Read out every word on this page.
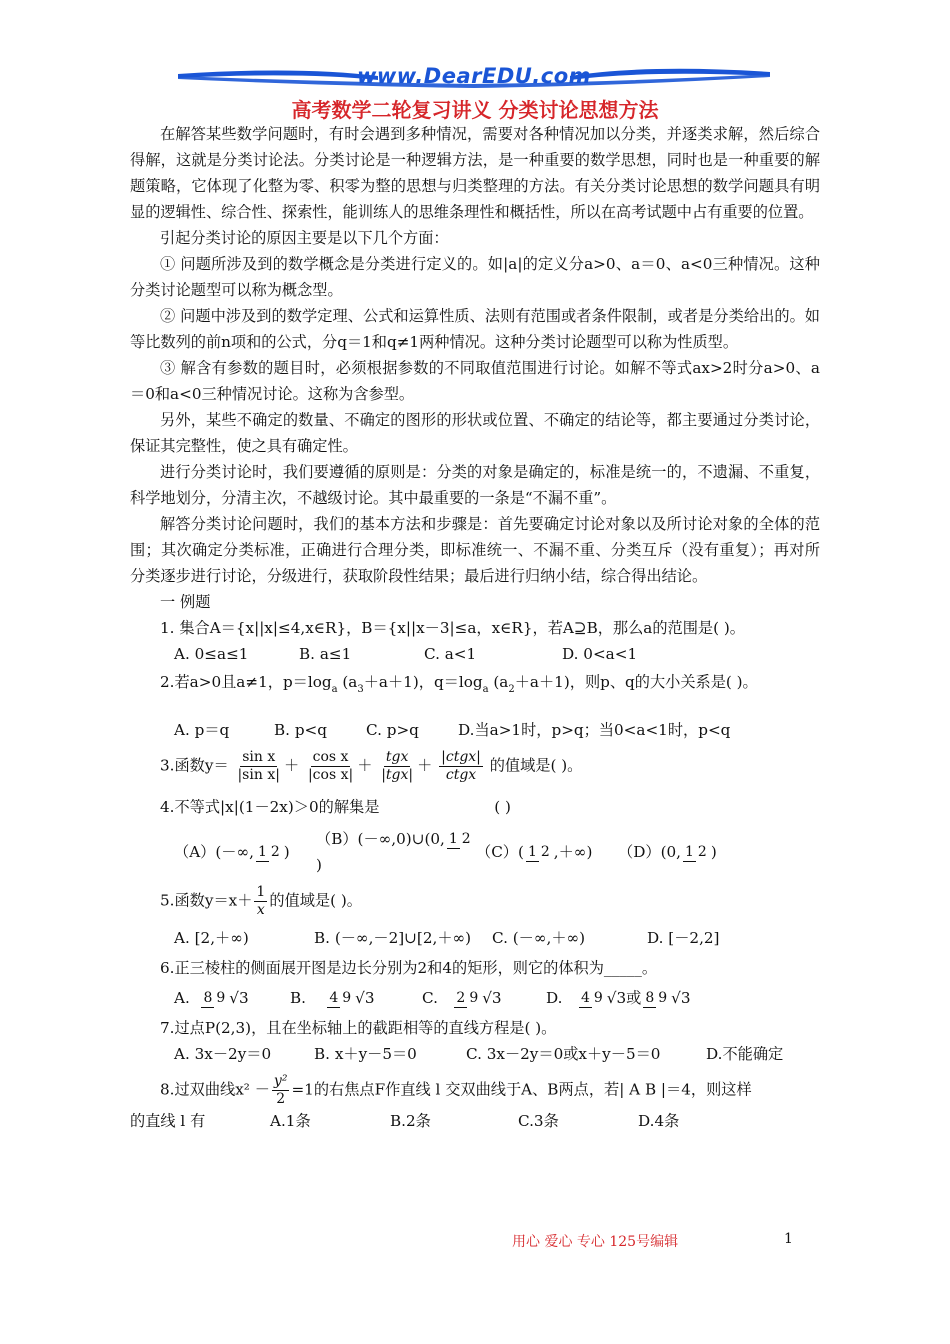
www.DearEDU.com
高考数学二轮复习讲义 分类讨论思想方法

在解答某些数学问题时，有时会遇到多种情况，需要对各种情况加以分类，并逐类求解，然后综合得解，这就是分类讨论法。分类讨论是一种逻辑方法，是一种重要的数学思想，同时也是一种重要的解题策略，它体现了化整为零、积零为整的思想与归类整理的方法。有关分类讨论思想的数学问题具有明显的逻辑性、综合性、探索性，能训练人的思维条理性和概括性，所以在高考试题中占有重要的位置。

引起分类讨论的原因主要是以下几个方面：

① 问题所涉及到的数学概念是分类进行定义的。如|a|的定义分a>0、a＝0、a<0三种情况。这种分类讨论题型可以称为概念型。

② 问题中涉及到的数学定理、公式和运算性质、法则有范围或者条件限制，或者是分类给出的。如等比数列的前n项和的公式，分q＝1和q≠1两种情况。这种分类讨论题型可以称为性质型。

③ 解含有参数的题目时，必须根据参数的不同取值范围进行讨论。如解不等式ax>2时分a>0、a＝0和a<0三种情况讨论。这称为含参型。

另外，某些不确定的数量、不确定的图形的形状或位置、不确定的结论等，都主要通过分类讨论，保证其完整性，使之具有确定性。

进行分类讨论时，我们要遵循的原则是：分类的对象是确定的，标准是统一的，不遗漏、不重复，科学地划分，分清主次，不越级讨论。其中最重要的一条是“不漏不重”。

解答分类讨论问题时，我们的基本方法和步骤是：首先要确定讨论对象以及所讨论对象的全体的范围；其次确定分类标准，正确进行合理分类，即标准统一、不漏不重、分类互斥（没有重复）；再对所分类逐步进行讨论，分级进行，获取阶段性结果；最后进行归纳小结，综合得出结论。

一 例题

1. 集合A＝{x||x|≤4,x∈R}，B＝{x||x－3|≤a，x∈R}，若A⊇B，那么a的范围是( )。

A. 0≤a≤1	B. a≤1	C. a<1	D. 0<a<1

2.若a>0且a≠1，$p=\log_a$ $(a_3+a+1)$，$q=\log_a$ $(a_2+a+1)$，则p、q的大小关系是( )。

A. p＝q	B. p<q	C. p>q	D.当a>1时，p>q；当0<a<1时，p<q

3.函数$y= \frac{\text{sin x}}{\text{|sin x|}} + \frac{\text{cos x}}{\text{|cos x|}} + \frac{\text{tgx}}{\text{|tgx|}} + \frac{\text{|ctgx|}}{\text{ctgx}}$ 的值域是( )。

4.不等式|x|(1－2x)＞0的解集是	( )

（A）(－∞, 1 2 )
（B）(－∞,0)∪(0, 1 2)
（C）( 1 2 ,＋∞)	（D）(0, 1 2 )

5.函数$y=x+ \frac{1}{x}$ 的值域是( )。

A. [2,＋∞)	B. (－∞,－2]∪[2,＋∞)	C. (－∞,＋∞)	D. [－2,2]

6.正三棱柱的侧面展开图是边长分别为2和4的矩形，则它的体积为_____。

A. 8 9 √3	B. 4 9 √3	C. 2 9 √3	D. 4 9 √3或 8 9 √3

7.过点P(2,3)，且在坐标轴上的截距相等的直线方程是( )。

A. 3x－2y＝0	B. x＋y－5＝0	C. 3x－2y＝0或x＋y－5＝0	D.不能确定

8.过双曲线$x^2 - \frac{\text{y²}}{2} =1$的右焦点F作直线 l 交双曲线于A、B两点，若| A B |＝4，则这样

的直线 l 有	A.1条	B.2条	C.3条	D.4条
用心 爱心 专心 125号编辑	1
